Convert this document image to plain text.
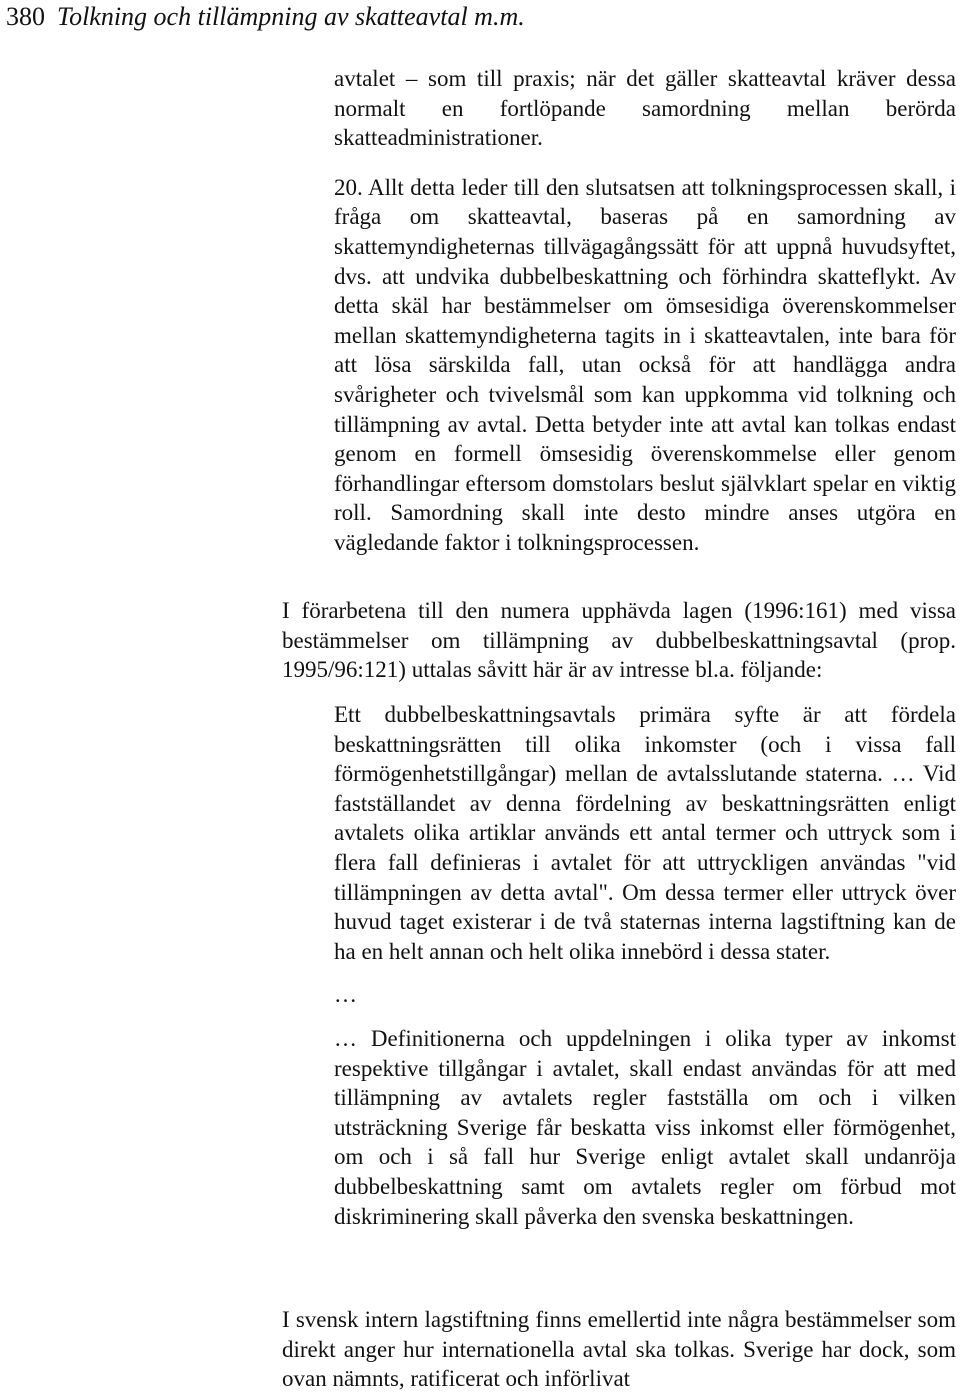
380 Tolkning och tillämpning av skatteavtal m.m.

avtalet – som till praxis; när det gäller skatteavtal kräver dessa normalt en fortlöpande samordning mellan berörda skatteadministrationer.

20. Allt detta leder till den slutsatsen att tolkningsprocessen skall, i fråga om skatteavtal, baseras på en samordning av skattemyndigheternas tillvägagångssätt för att uppnå huvudsyftet, dvs. att undvika dubbelbeskattning och förhindra skatteflykt. Av detta skäl har bestämmelser om ömsesidiga överenskommelser mellan skattemyndigheterna tagits in i skatteavtalen, inte bara för att lösa särskilda fall, utan också för att handlägga andra svårigheter och tvivelsmål som kan uppkomma vid tolkning och tillämpning av avtal. Detta betyder inte att avtal kan tolkas endast genom en formell ömsesidig överenskommelse eller genom förhandlingar eftersom domstolars beslut självklart spelar en viktig roll. Samordning skall inte desto mindre anses utgöra en vägledande faktor i tolkningsprocessen.

I förarbetena till den numera upphävda lagen (1996:161) med vissa bestämmelser om tillämpning av dubbelbeskattningsavtal (prop. 1995/96:121) uttalas såvitt här är av intresse bl.a. följande:

Ett dubbelbeskattningsavtals primära syfte är att fördela beskattningsrätten till olika inkomster (och i vissa fall förmögenhetstillgångar) mellan de avtalsslutande staterna. … Vid fastställandet av denna fördelning av beskattningsrätten enligt avtalets olika artiklar används ett antal termer och uttryck som i flera fall definieras i avtalet för att uttryckligen användas "vid tillämpningen av detta avtal". Om dessa termer eller uttryck över huvud taget existerar i de två staternas interna lagstiftning kan de ha en helt annan och helt olika innebörd i dessa stater.

…

… Definitionerna och uppdelningen i olika typer av inkomst respektive tillgångar i avtalet, skall endast användas för att med tillämpning av avtalets regler fastställa om och i vilken utsträckning Sverige får beskatta viss inkomst eller förmögenhet, om och i så fall hur Sverige enligt avtalet skall undanröja dubbelbeskattning samt om avtalets regler om förbud mot diskriminering skall påverka den svenska beskattningen.

I svensk intern lagstiftning finns emellertid inte några bestämmelser som direkt anger hur internationella avtal ska tolkas. Sverige har dock, som ovan nämnts, ratificerat och införlivat
